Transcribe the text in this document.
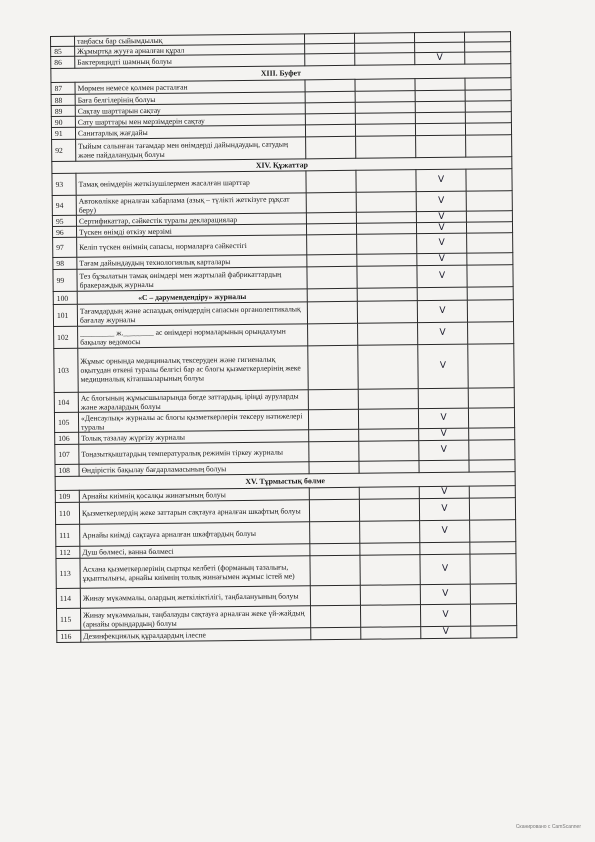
	таңбасы бар сыйымдылық				
85	Жұмыртқа жууға арналған құрал				
86	Бактерицидті шамның болуы			V	
XIII. Буфет					
87	Мөрмен немесе қолмен расталған				
88	Баға белгілерінің болуы				
89	Сақтау шарттарын сақтау				
90	Сату шарттары мен мерзімдерін сақтау				
91	Санитарлық жағдайы				
92	Тыйым салынған тағамдар мен өнімдерді дайындаудың, сатудың және пайдаланудың болуы				
XIV. Құжаттар					
93	Тамақ өнімдерін жеткізушілермен жасалған шарттар			V	
94	Автокөлікке арналған хабарлама (азық – түлікті жеткізуге рұқсат беру)			V	
95	Сертификаттар, сәйкестік туралы декларациялар			V	
96	Түскен өнімді өткізу мерзімі			V	
97	Келіп түскен өнімнің сапасы, нормаларға сәйкестігі			V	
98	Тағам дайындаудың технологиялық карталары			V	
99	Тез бұзылатын тамақ өнімдері мен жартылай фабрикаттардың бракераждық журналы			V	
100	«С – дәрумендендіру» журналы				
101	Тағамдардың және аспаздық өнімдердің сапасын органолептикалық бағалау журналы			V	
102	_________ ж.________ ас өнімдері нормаларының орындалуын бақылау ведомосы			V	
103	Жұмыс орнында медициналық тексеруден және гигиеналық оқытудан өткені туралы белгісі бар ас блогы қызметкерлерінің жеке медициналық кітапшаларының болуы			V	
104	Ас блогының жұмысшыларында бөгде заттардың, іріңді ауруларды және жаралардың болуы				
105	«Денсаулық» журналы ас блогы қызметкерлерін тексеру нәтижелері туралы			V	
106	Толық тазалау жүргізу журналы			V	
107	Тоңазытқыштардың температуралық режимін тіркеу журналы			V	
108	Өндірістік бақылау бағдарламасының болуы				
XV. Тұрмыстық бөлме					
109	Арнайы киімнің қосалқы жинағының болуы			V	
110	Қызметкерлердің жеке заттарын сақтауға арналған шкафтың болуы			V	
111	Арнайы киімді сақтауға арналған шкафтардың болуы			V	
112	Душ бөлмесі, ванна бөлмесі				
113	Асхана қызметкерлерінің сыртқы келбеті (форманың тазалығы, ұқыптылығы, арнайы киімнің толық жинағымен жұмыс істей ме)			V	
114	Жинау мүкәммалы, олардың жеткіліктілігі, таңбалануының болуы			V	
115	Жинау мүкәммалын, таңбалауды сақтауға арналған жеке үй-жайдың (арнайы орындардың) болуы			V	
116	Дезинфекциялық құралдардың ілеспе			V	
Сканировано с CamScanner
